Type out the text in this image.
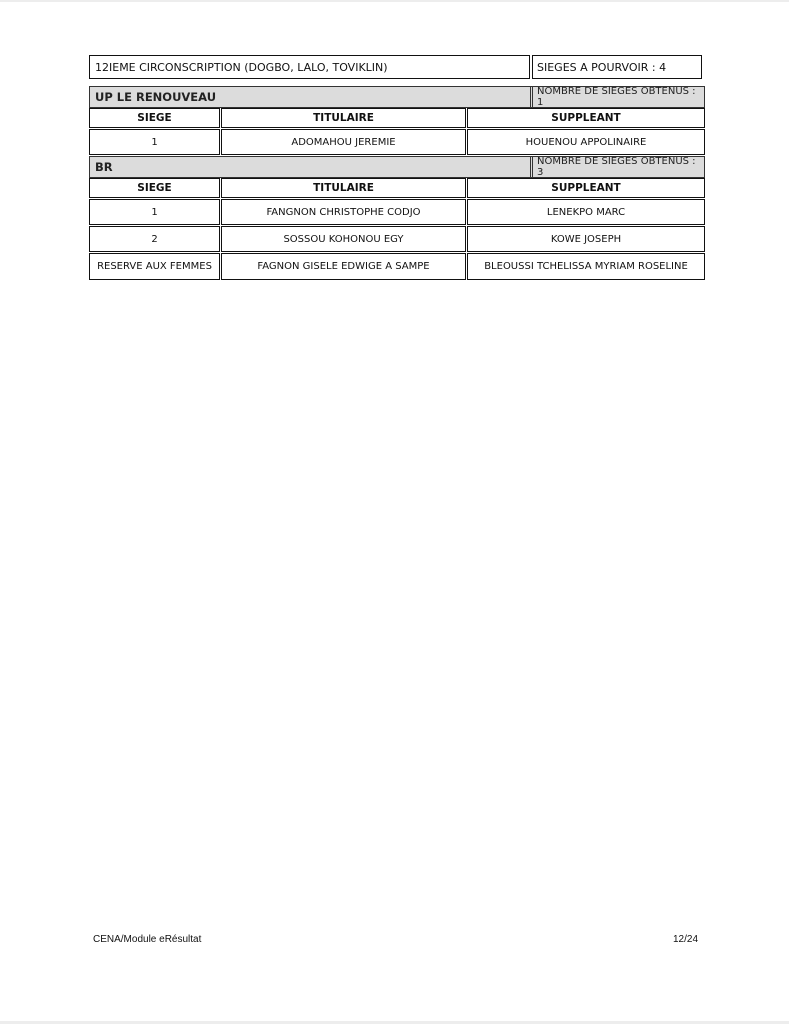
12IEME CIRCONSCRIPTION (DOGBO, LALO, TOVIKLIN)	SIEGES A POURVOIR : 4
UP LE RENOUVEAU	NOMBRE DE SIEGES OBTENUS : 1
SIEGE	TITULAIRE	SUPPLEANT
1	ADOMAHOU JEREMIE	HOUENOU APPOLINAIRE
BR	NOMBRE DE SIEGES OBTENUS : 3
SIEGE	TITULAIRE	SUPPLEANT
1	FANGNON CHRISTOPHE CODJO	LENEKPO MARC
2	SOSSOU KOHONOU EGY	KOWE JOSEPH
RESERVE AUX FEMMES	FAGNON GISELE EDWIGE A SAMPE	BLEOUSSI TCHELISSA MYRIAM ROSELINE
CENA/Module eRésultat	12/24
